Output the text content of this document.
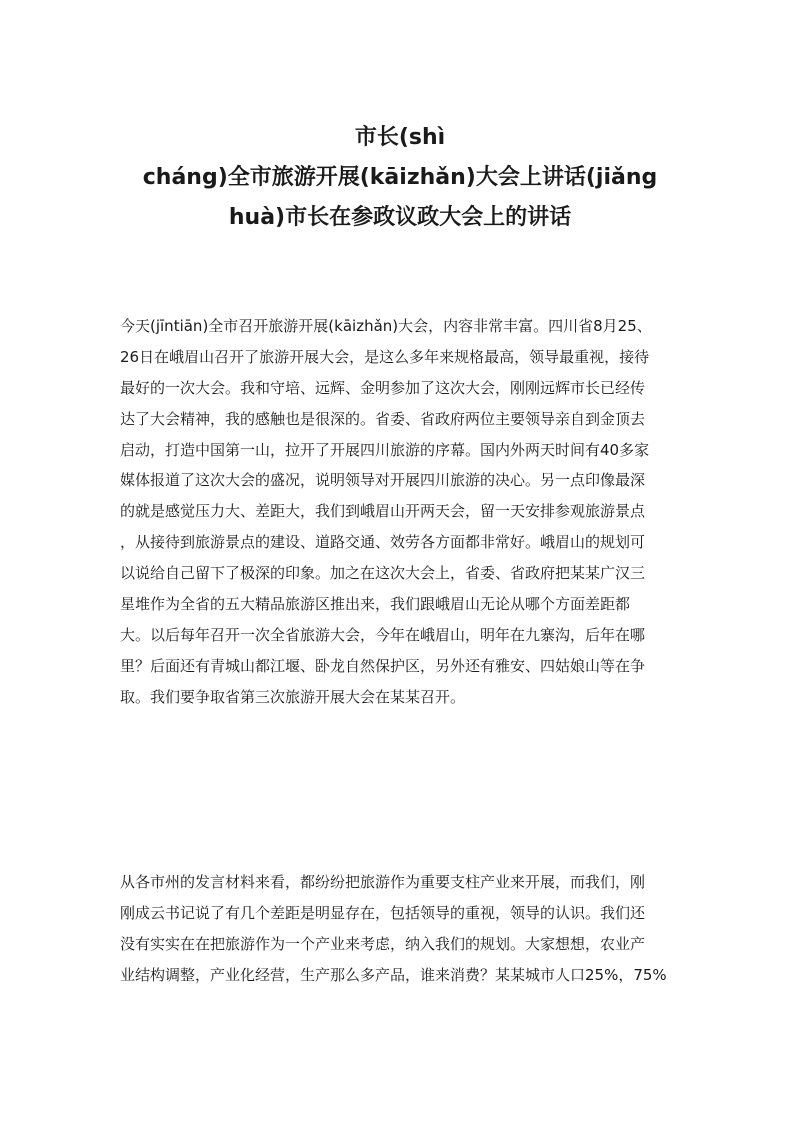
市长(shì
cháng)全市旅游开展(kāizhǎn)大会上讲话(jiǎng
huà)市长在参政议政大会上的讲话
今天(jīntiān)全市召开旅游开展(kāizhǎn)大会，内容非常丰富。四川省8月25、
26日在峨眉山召开了旅游开展大会，是这么多年来规格最高，领导最重视，接待
最好的一次大会。我和守培、远辉、金明参加了这次大会，刚刚远辉市长已经传
达了大会精神，我的感触也是很深的。省委、省政府两位主要领导亲自到金顶去
启动，打造中国第一山，拉开了开展四川旅游的序幕。国内外两天时间有40多家
媒体报道了这次大会的盛况，说明领导对开展四川旅游的决心。另一点印像最深
的就是感觉压力大、差距大，我们到峨眉山开两天会，留一天安排参观旅游景点
，从接待到旅游景点的建设、道路交通、效劳各方面都非常好。峨眉山的规划可
以说给自己留下了极深的印象。加之在这次大会上，省委、省政府把某某广汉三
星堆作为全省的五大精品旅游区推出来，我们跟峨眉山无论从哪个方面差距都
大。以后每年召开一次全省旅游大会，今年在峨眉山，明年在九寨沟，后年在哪
里？后面还有青城山都江堰、卧龙自然保护区，另外还有雅安、四姑娘山等在争
取。我们要争取省第三次旅游开展大会在某某召开。
从各市州的发言材料来看，都纷纷把旅游作为重要支柱产业来开展，而我们，刚
刚成云书记说了有几个差距是明显存在，包括领导的重视，领导的认识。我们还
没有实实在在把旅游作为一个产业来考虑，纳入我们的规划。大家想想，农业产
业结构调整，产业化经营，生产那么多产品，谁来消费？某某城市人口25%，75%
